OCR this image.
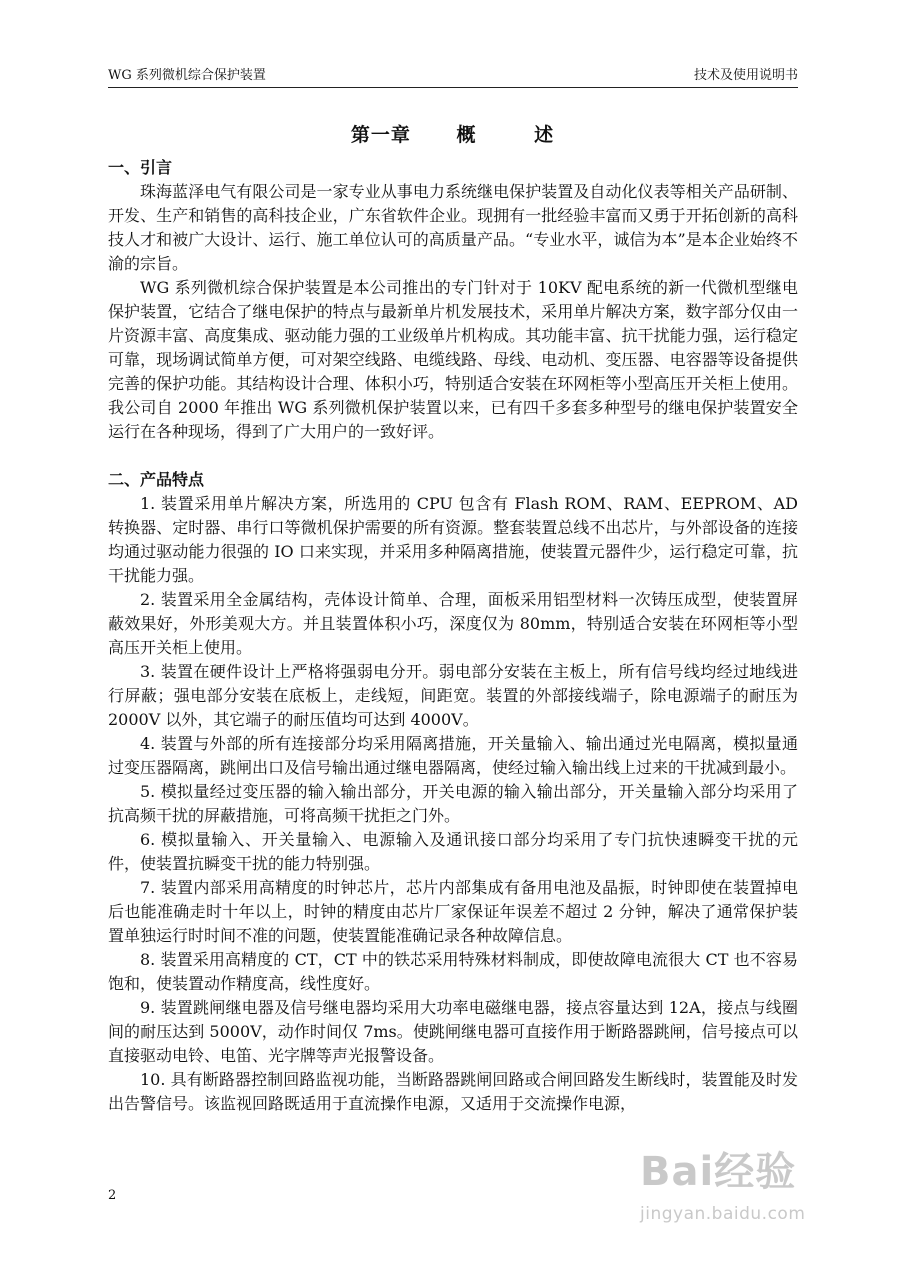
WG 系列微机综合保护装置	技术及使用说明书
第一章 概	述
一、引言

珠海蓝泽电气有限公司是一家专业从事电力系统继电保护装置及自动化仪表等相关产品研制、开发、生产和销售的高科技企业，广东省软件企业。现拥有一批经验丰富而又勇于开拓创新的高科技人才和被广大设计、运行、施工单位认可的高质量产品。“专业水平，诚信为本”是本企业始终不渝的宗旨。

WG 系列微机综合保护装置是本公司推出的专门针对于 10KV 配电系统的新一代微机型继电保护装置，它结合了继电保护的特点与最新单片机发展技术，采用单片解决方案，数字部分仅由一片资源丰富、高度集成、驱动能力强的工业级单片机构成。其功能丰富、抗干扰能力强，运行稳定可靠，现场调试简单方便，可对架空线路、电缆线路、母线、电动机、变压器、电容器等设备提供完善的保护功能。其结构设计合理、体积小巧，特别适合安装在环网柜等小型高压开关柜上使用。我公司自 2000 年推出 WG 系列微机保护装置以来，已有四千多套多种型号的继电保护装置安全运行在各种现场，得到了广大用户的一致好评。

二、产品特点

1. 装置采用单片解决方案，所选用的 CPU 包含有 Flash ROM、RAM、EEPROM、AD 转换器、定时器、串行口等微机保护需要的所有资源。整套装置总线不出芯片，与外部设备的连接均通过驱动能力很强的 IO 口来实现，并采用多种隔离措施，使装置元器件少，运行稳定可靠，抗干扰能力强。

2. 装置采用全金属结构，壳体设计简单、合理，面板采用铝型材料一次铸压成型，使装置屏蔽效果好，外形美观大方。并且装置体积小巧，深度仅为 80mm，特别适合安装在环网柜等小型高压开关柜上使用。

3. 装置在硬件设计上严格将强弱电分开。弱电部分安装在主板上，所有信号线均经过地线进行屏蔽；强电部分安装在底板上，走线短，间距宽。装置的外部接线端子，除电源端子的耐压为 2000V 以外，其它端子的耐压值均可达到 4000V。

4. 装置与外部的所有连接部分均采用隔离措施，开关量输入、输出通过光电隔离，模拟量通过变压器隔离，跳闸出口及信号输出通过继电器隔离，使经过输入输出线上过来的干扰减到最小。

5. 模拟量经过变压器的输入输出部分，开关电源的输入输出部分，开关量输入部分均采用了抗高频干扰的屏蔽措施，可将高频干扰拒之门外。

6. 模拟量输入、开关量输入、电源输入及通讯接口部分均采用了专门抗快速瞬变干扰的元件，使装置抗瞬变干扰的能力特别强。

7. 装置内部采用高精度的时钟芯片，芯片内部集成有备用电池及晶振，时钟即使在装置掉电后也能准确走时十年以上，时钟的精度由芯片厂家保证年误差不超过 2 分钟，解决了通常保护装置单独运行时时间不准的问题，使装置能准确记录各种故障信息。

8. 装置采用高精度的 CT，CT 中的铁芯采用特殊材料制成，即使故障电流很大 CT 也不容易饱和，使装置动作精度高，线性度好。

9. 装置跳闸继电器及信号继电器均采用大功率电磁继电器，接点容量达到 12A，接点与线圈间的耐压达到 5000V，动作时间仅 7ms。使跳闸继电器可直接作用于断路器跳闸，信号接点可以直接驱动电铃、电笛、光字牌等声光报警设备。

10. 具有断路器控制回路监视功能，当断路器跳闸回路或合闸回路发生断线时，装置能及时发出告警信号。该监视回路既适用于直流操作电源，又适用于交流操作电源，

2
Bai经验
jingyan.baidu.com
